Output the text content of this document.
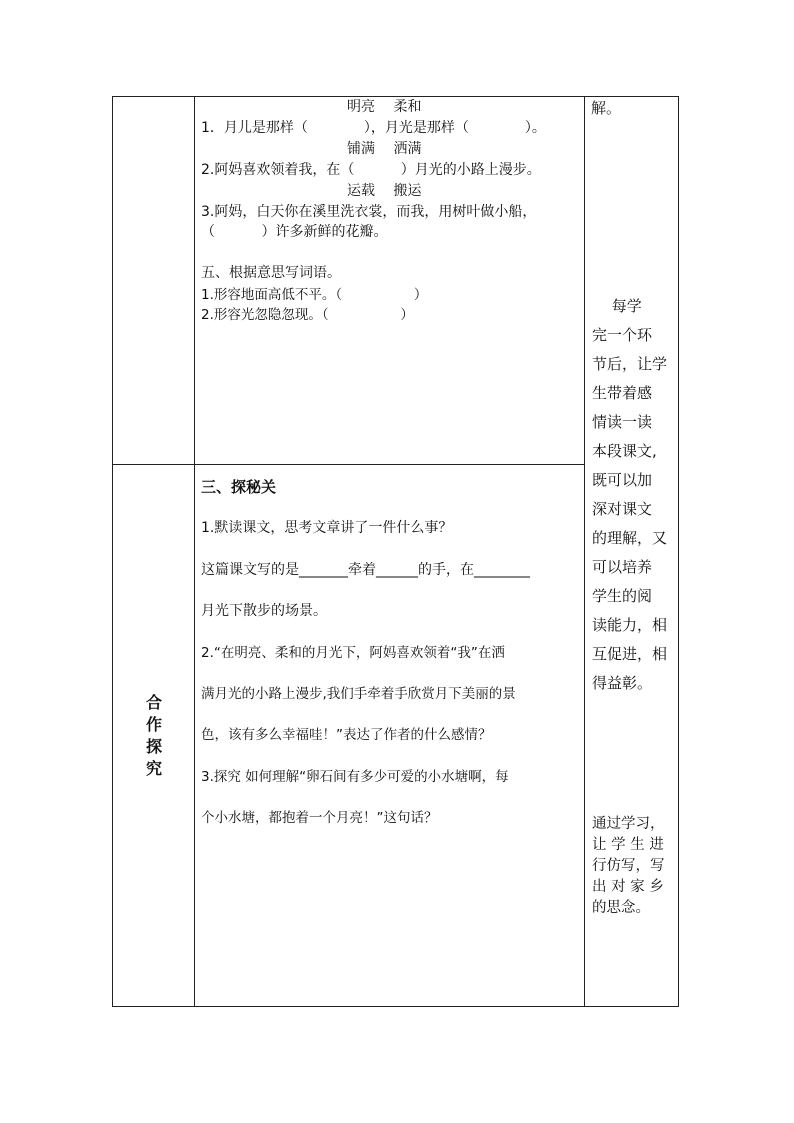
明亮　 柔和
1．月儿是那样（　　　　），月光是那样（　　　　）。
铺满　 洒满
2.阿妈喜欢领着我，在（　　　 ）月光的小路上漫步。
运载　 搬运
3.阿妈，白天你在溪里洗衣裳，而我，用树叶做小船，
（　　　 ）许多新鲜的花瓣。
五、根据意思写词语。
1.形容地面高低不平。（　　　　　 ）
2.形容光忽隐忽现。（　　　　　 ）
解。
合
作
探
究
三、探秘关
1.默读课文，思考文章讲了一件什么事？
这篇课文写的是_______牵着______的手，在________
月光下散步的场景。
2.“在明亮、柔和的月光下，阿妈喜欢领着“我”在洒
满月光的小路上漫步,我们手牵着手欣赏月下美丽的景
色，该有多么幸福哇！”表达了作者的什么感情？
3.探究 如何理解“卵石间有多少可爱的小水塘啊，每
个小水塘，都抱着一个月亮！”这句话？
　 每学
完一个环
节后，让学
生带着感
情读一读
本段课文,
既可以加
深对课文
的理解，又
可以培养
学生的阅
读能力，相
互促进，相
得益彰。
通过学习，
让 学 生 进
行仿写，写
出 对 家 乡
的思念。
